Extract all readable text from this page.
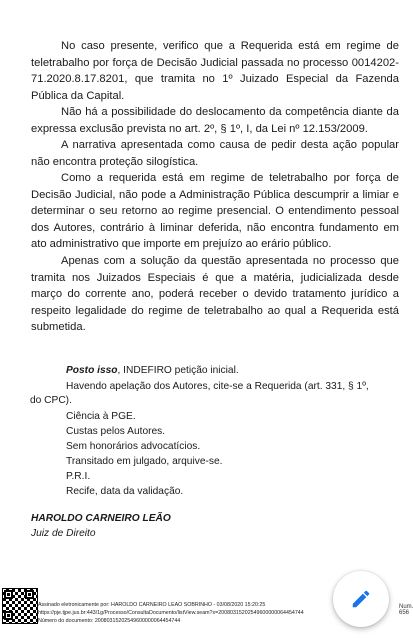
No caso presente, verifico que a Requerida está em regime de teletrabalho por força de Decisão Judicial passada no processo 0014202-71.2020.8.17.8201, que tramita no 1º Juizado Especial da Fazenda Pública da Capital.

Não há a possibilidade do deslocamento da competência diante da expressa exclusão prevista no art. 2º, § 1º, I, da Lei nº 12.153/2009.

A narrativa apresentada como causa de pedir desta ação popular não encontra proteção silogística.

Como a requerida está em regime de teletrabalho por força de Decisão Judicial, não pode a Administração Pública descumprir a limiar e determinar o seu retorno ao regime presencial. O entendimento pessoal dos Autores, contrário à liminar deferida, não encontra fundamento em ato administrativo que importe em prejuízo ao erário público.

Apenas com a solução da questão apresentada no processo que tramita nos Juizados Especiais é que a matéria, judicializada desde março do corrente ano, poderá receber o devido tratamento jurídico a respeito legalidade do regime de teletrabalho ao qual a Requerida está submetida.

Posto isso, INDEFIRO petição inicial.

Havendo apelação dos Autores, cite-se a Requerida (art. 331, § 1º, do CPC).

Ciência à PGE.
Custas pelos Autores.
Sem honorários advocatícios.
Transitado em julgado, arquive-se.
P.R.I.
Recife, data da validação.
HAROLDO CARNEIRO LEÃO
Juiz de Direito
Assinado eletronicamente por: HAROLDO CARNEIRO LEAO SOBRINHO - 03/08/2020 15:20:25
https://pje.tjpe.jus.br:443/1g/Processo/ConsultaDocumento/listView.seam?x=20080315202549600000064454744
Número do documento: 20080315202549600000064454744
Num. 656
